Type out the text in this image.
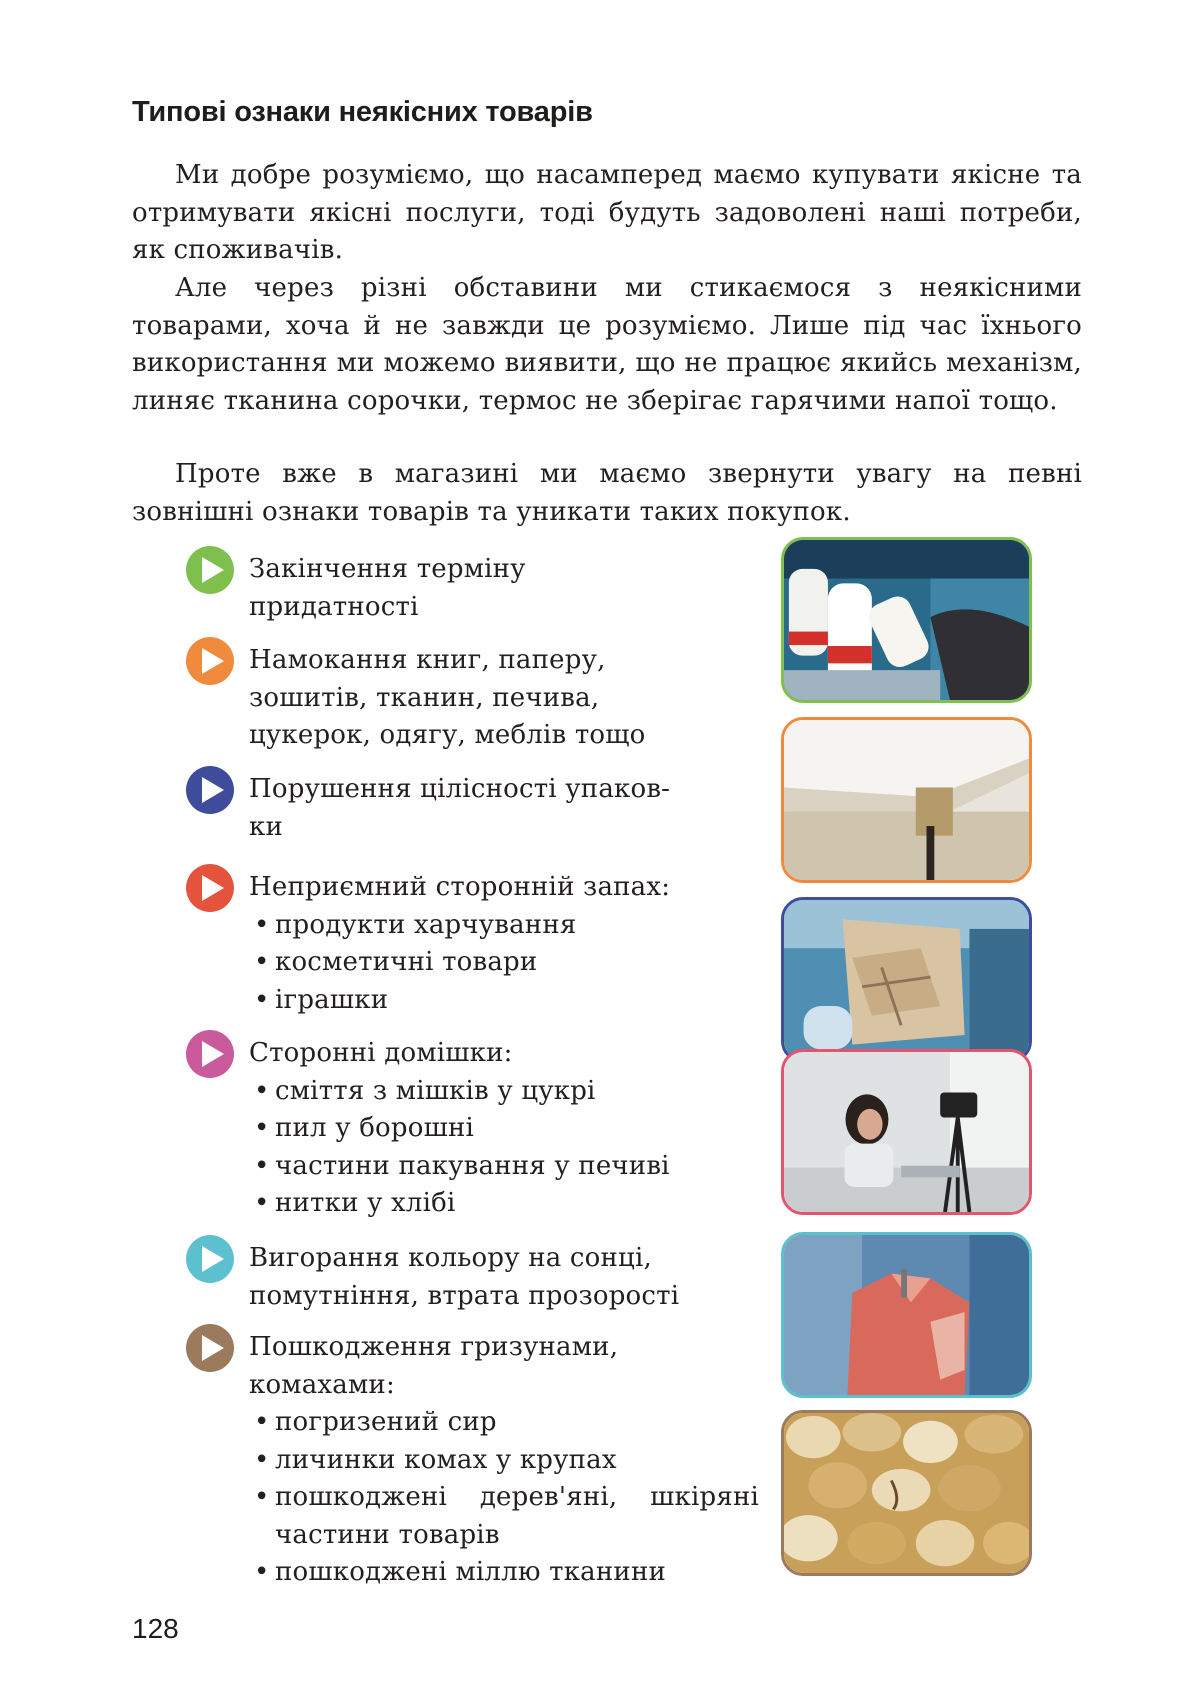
Типові ознаки неякісних товарів

Ми добре розуміємо, що насамперед маємо купувати якісне та отримувати якісні послуги, тоді будуть задоволені наші потреби, як споживачів.

Але через різні обставини ми стикаємося з неякісними товарами, хоча й не завжди це розуміємо. Лише під час їхнього використання ми можемо виявити, що не працює якийсь механізм, линяє тканина сорочки, термос не зберігає гарячими напої тощо.

Проте вже в магазині ми маємо звернути увагу на певні зовнішні ознаки товарів та уникати таких покупок.

Закінчення терміну
придатності
Намокання книг, паперу,
зошитів, тканин, печива,
цукерок, одягу, меблів тощо
Порушення цілісності упаков-
ки
Неприємний сторонній запах:
• продукти харчування
• косметичні товари
• іграшки
Сторонні домішки:
• сміття з мішків у цукрі
• пил у борошні
• частини пакування у печиві
• нитки у хлібі
Вигорання кольору на сонці,
помутніння, втрата прозорості
Пошкодження гризунами,
комахами:
• погризений сир
• личинки комах у крупах
• пошкоджені дерев'яні, шкіряні частини товарів
• пошкоджені міллю тканини
128
